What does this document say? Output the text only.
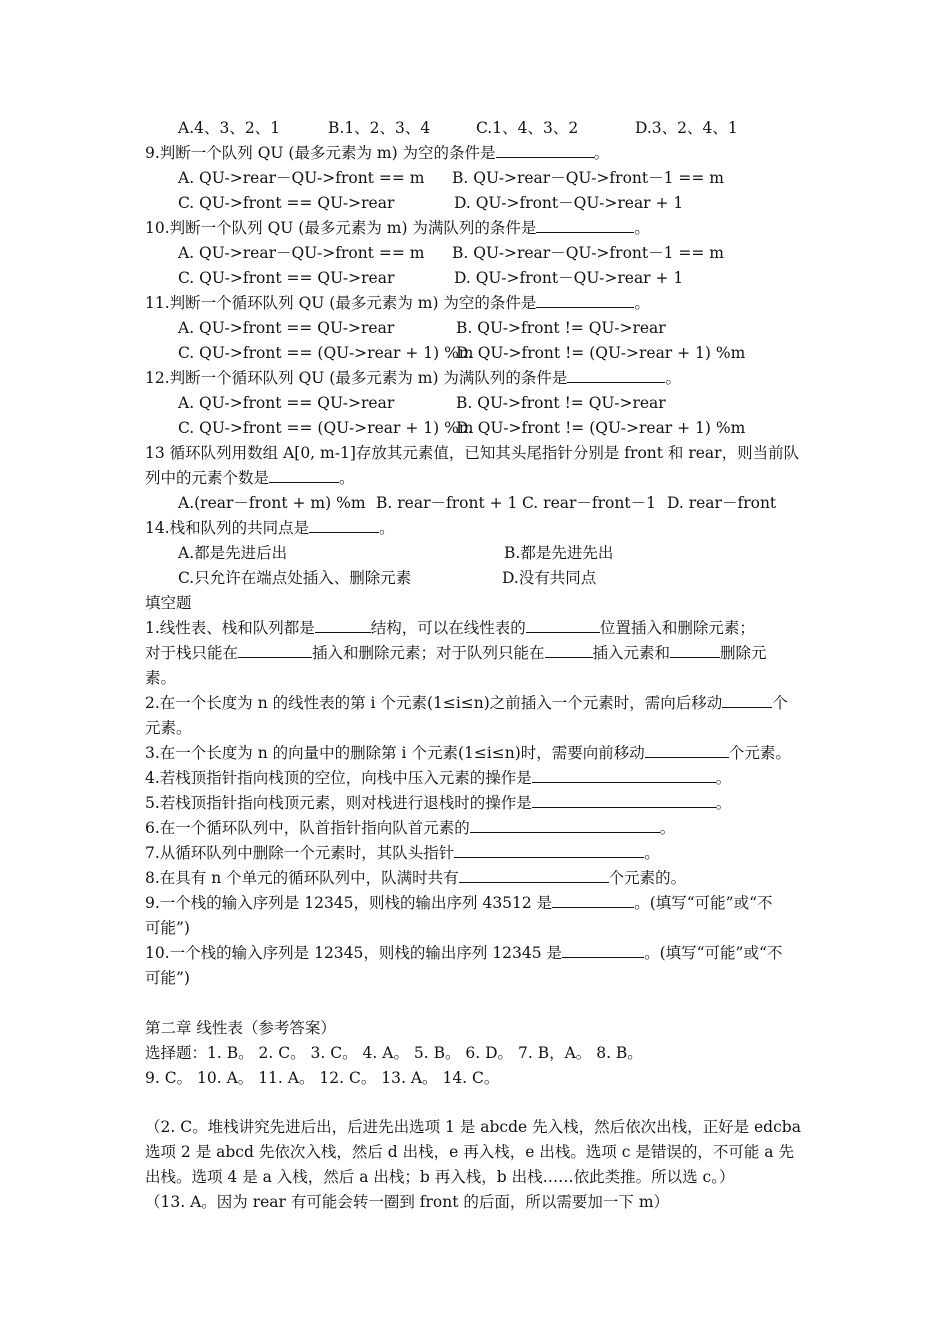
A.4、3、2、1	B.1、2、3、4	C.1、4、3、2	D.3、2、4、1
9.判断一个队列 QU (最多元素为 m) 为空的条件是	。
A. QU->rear－QU->front == m B. QU->rear－QU->front－1 == m
C. QU->front == QU->rear	D. QU->front－QU->rear + 1
10.判断一个队列 QU (最多元素为 m) 为满队列的条件是	。
A. QU->rear－QU->front == m B. QU->rear－QU->front－1 == m
C. QU->front == QU->rear	D. QU->front－QU->rear + 1
11.判断一个循环队列 QU (最多元素为 m) 为空的条件是	。
A. QU->front == QU->rear	B. QU->front != QU->rear
C. QU->front == (QU->rear + 1) %m
D. QU->front != (QU->rear + 1) %m
12.判断一个循环队列 QU (最多元素为 m) 为满队列的条件是	。
A. QU->front == QU->rear	B. QU->front != QU->rear
C. QU->front == (QU->rear + 1) %m
D. QU->front != (QU->rear + 1) %m
13 循环队列用数组 A[0, m-1]存放其元素值，已知其头尾指针分别是 front 和 rear，则当前队
列中的元素个数是	。
A.(rear－front + m) %m B. rear－front + 1 C. rear－front－1 D. rear－front
14.栈和队列的共同点是	。
A.都是先进后出	B.都是先进先出
C.只允许在端点处插入、删除元素	D.没有共同点
填空题
1.线性表、栈和队列都是	结构，可以在线性表的	位置插入和删除元素；
对于栈只能在	插入和删除元素；对于队列只能在	插入元素和	删除元
素。
2.在一个长度为 n 的线性表的第 i 个元素(1≤i≤n)之前插入一个元素时，需向后移动	个
元素。
3.在一个长度为 n 的向量中的删除第 i 个元素(1≤i≤n)时，需要向前移动	个元素。
4.若栈顶指针指向栈顶的空位，向栈中压入元素的操作是	。
5.若栈顶指针指向栈顶元素，则对栈进行退栈时的操作是	。
6.在一个循环队列中，队首指针指向队首元素的	。
7.从循环队列中删除一个元素时，其队头指针	。
8.在具有 n 个单元的循环队列中，队满时共有	个元素的。
9.一个栈的输入序列是 12345，则栈的输出序列 43512 是	。(填写“可能”或“不
可能”)
10.一个栈的输入序列是 12345，则栈的输出序列 12345 是	。(填写“可能”或“不
可能”)
第二章 线性表（参考答案）
选择题：1. B。 2. C。 3. C。 4. A。 5. B。 6. D。 7. B，A。 8. B。
9. C。 10. A。 11. A。 12. C。 13. A。 14. C。
（2. C。堆栈讲究先进后出，后进先出选项 1 是 abcde 先入栈，然后依次出栈，正好是 edcba
选项 2 是 abcd 先依次入栈，然后 d 出栈，e 再入栈，e 出栈。选项 c 是错误的，不可能 a 先
出栈。选项 4 是 a 入栈，然后 a 出栈；b 再入栈，b 出栈……依此类推。所以选 c。）
（13. A。因为 rear 有可能会转一圈到 front 的后面，所以需要加一下 m）
